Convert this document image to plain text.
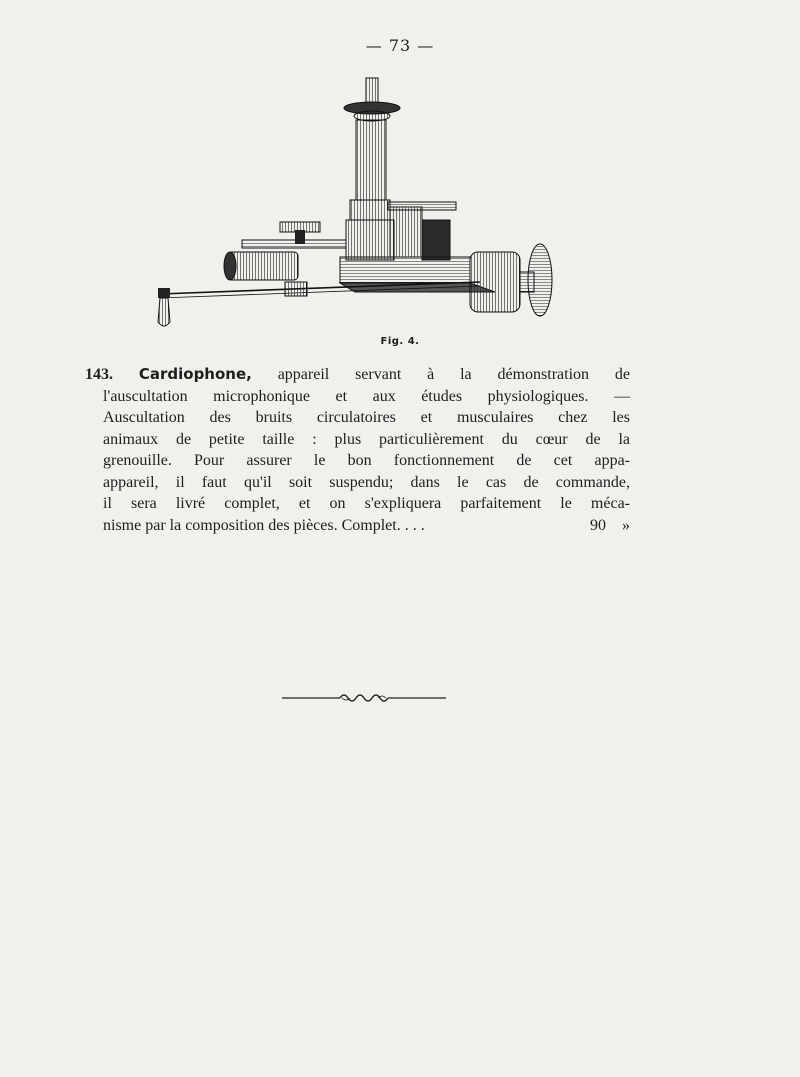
— 73 —
Fig. 4.
143. Cardiophone, appareil servant à la démonstration de
l'auscultation microphonique et aux études physiologiques. —
Auscultation des bruits circulatoires et musculaires chez les
animaux de petite taille : plus particulièrement du cœur de la
grenouille. Pour assurer le bon fonctionnement de cet appa-
appareil, il faut qu'il soit suspendu; dans le cas de commande,
il sera livré complet, et on s'expliquera parfaitement le méca-
nisme par la composition des pièces. Complet. . . .	90 »
